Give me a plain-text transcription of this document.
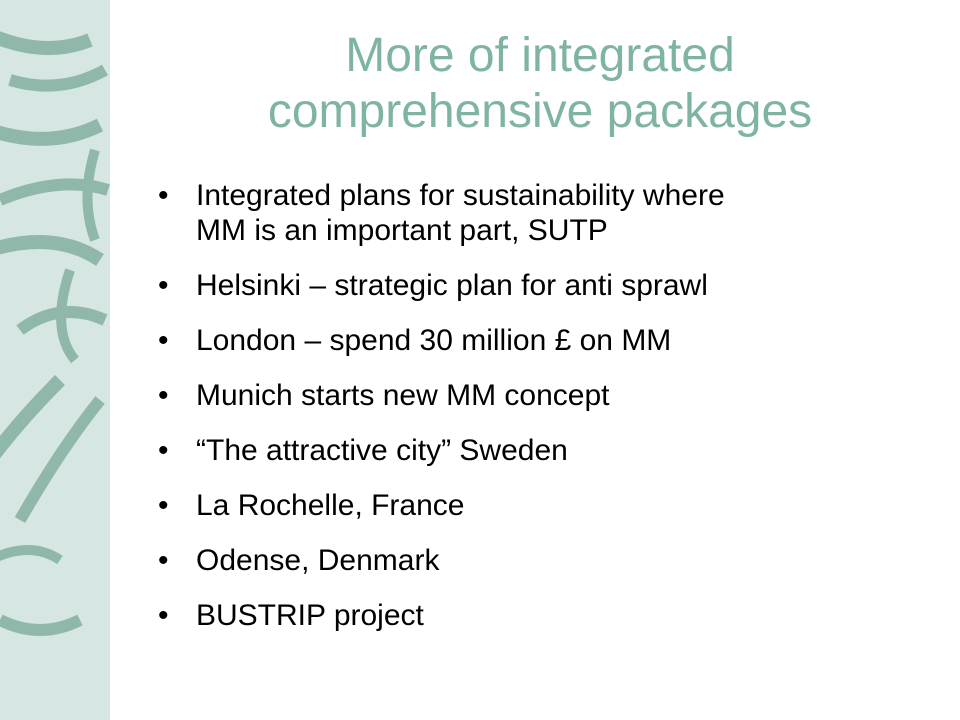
More of integrated
comprehensive packages
• Integrated plans for sustainability where
MM is an important part, SUTP
• Helsinki – strategic plan for anti sprawl
• London – spend 30 million £ on MM
• Munich starts new MM concept
• “The attractive city” Sweden
• La Rochelle, France
• Odense, Denmark
• BUSTRIP project
